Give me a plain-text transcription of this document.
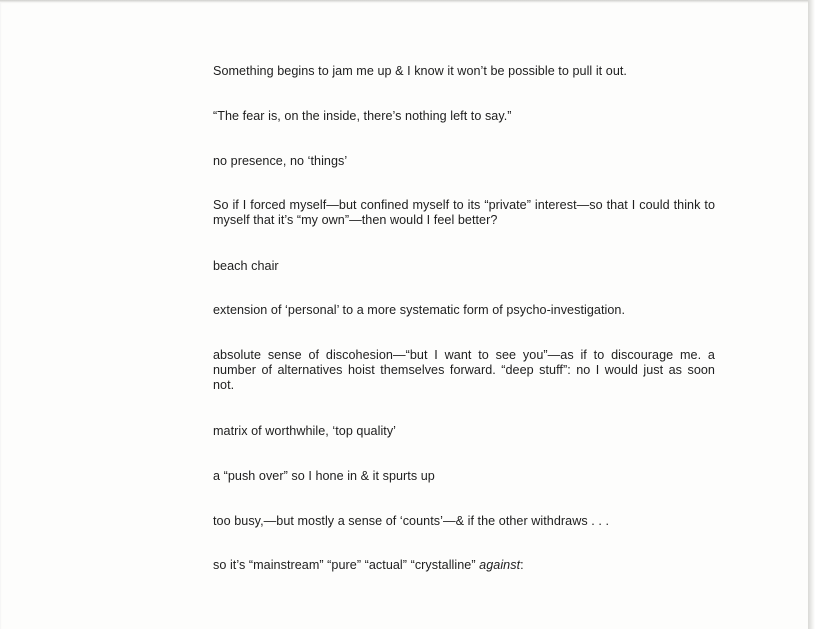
Something begins to jam me up & I know it won’t be possible to pull it out.

“The fear is, on the inside, there’s nothing left to say.”

no presence, no ‘things’

So if I forced myself—but confined myself to its “private” interest—so that I could think to myself that it’s “my own”—then would I feel better?

beach chair

extension of ‘personal’ to a more systematic form of psycho-investigation.

absolute sense of discohesion—“but I want to see you”—as if to discourage me. a number of alternatives hoist themselves forward. “deep stuff”: no I would just as soon not.

matrix of worthwhile, ‘top quality’

a “push over” so I hone in & it spurts up

too busy,—but mostly a sense of ‘counts’—& if the other withdraws . . .

so it’s “mainstream” “pure” “actual” “crystalline” against:
